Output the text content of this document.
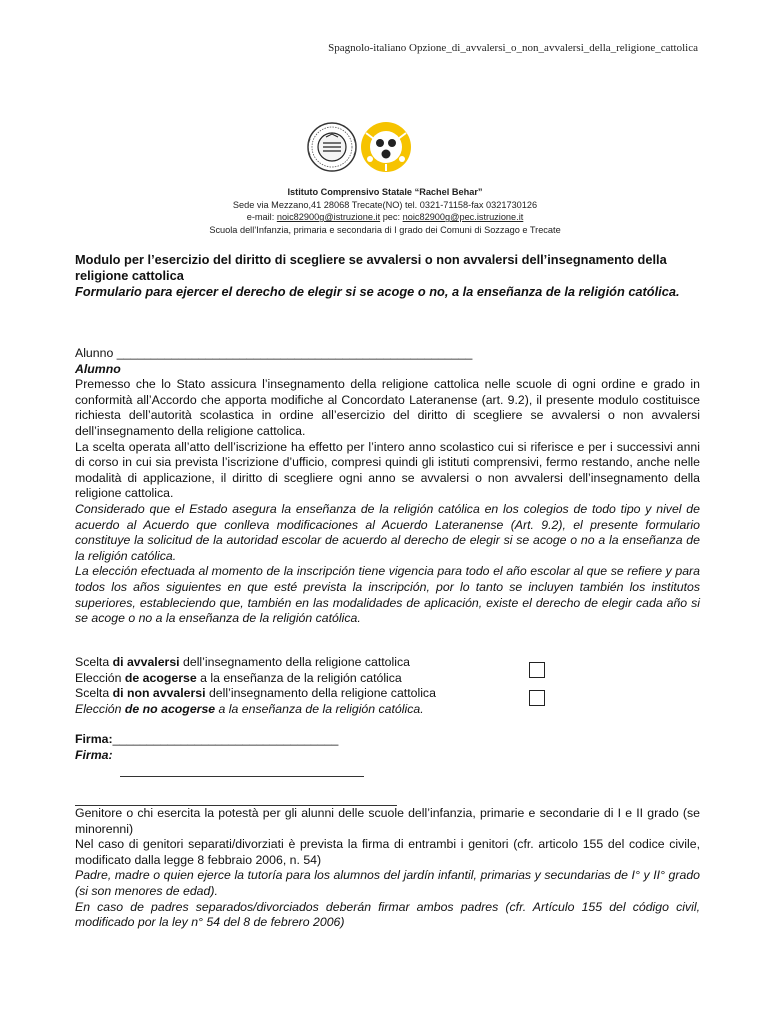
Spagnolo-italiano Opzione_di_avvalersi_o_non_avvalersi_della_religione_cattolica
Istituto Comprensivo Statale “Rachel Behar”
Sede via Mezzano,41 28068 Trecate(NO) tel. 0321-71158-fax 0321730126
e-mail: noic82900g@istruzione.it pec: noic82900g@pec.istruzione.it
Scuola dell’Infanzia, primaria e secondaria di I grado dei Comuni di Sozzago e Trecate
Modulo per l’esercizio del diritto di scegliere se avvalersi o non avvalersi dell’insegnamento della religione cattolica
Formulario para ejercer el derecho de elegir si se acoge o no, a la enseñanza de la religión católica.

Alunno ____________________________________________________

Alumno

Premesso che lo Stato assicura l’insegnamento della religione cattolica nelle scuole di ogni ordine e grado in conformità all’Accordo che apporta modifiche al Concordato Lateranense (art. 9.2), il presente modulo costituisce richiesta dell’autorità scolastica in ordine all’esercizio del diritto di scegliere se avvalersi o non avvalersi dell’insegnamento della religione cattolica.

La scelta operata all’atto dell’iscrizione ha effetto per l’intero anno scolastico cui si riferisce e per i successivi anni di corso in cui sia prevista l’iscrizione d’ufficio, compresi quindi gli istituti comprensivi, fermo restando, anche nelle modalità di applicazione, il diritto di scegliere ogni anno se avvalersi o non avvalersi dell’insegnamento della religione cattolica.

Considerado que el Estado asegura la enseñanza de la religión católica en los colegios de todo tipo y nivel de acuerdo al Acuerdo que conlleva modificaciones al Acuerdo Lateranense (Art. 9.2), el presente formulario constituye la solicitud de la autoridad escolar de acuerdo al derecho de elegir si se acoge o no a la enseñanza de la religión católica.

La elección efectuada al momento de la inscripción tiene vigencia para todo el año escolar al que se refiere y para todos los años siguientes en que esté prevista la inscripción, por lo tanto se incluyen también los institutos superiores, estableciendo que, también en las modalidades de aplicación, existe el derecho de elegir cada año si se acoge o no a la enseñanza de la religión católica.

Scelta di avvalersi dell’insegnamento della religione cattolica

Elección de acogerse a la enseñanza de la religión católica

Scelta di non avvalersi dell’insegnamento della religione cattolica

Elección de no acogerse a la enseñanza de la religión católica.

Firma:_________________________________
Firma:

Genitore o chi esercita la potestà per gli alunni delle scuole dell’infanzia, primarie e secondarie di I e II grado (se minorenni)

Nel caso di genitori separati/divorziati è prevista la firma di entrambi i genitori (cfr. articolo 155 del codice civile, modificato dalla legge 8 febbraio 2006, n. 54)

Padre, madre o quien ejerce la tutoría para los alumnos del jardín infantil, primarias y secundarias de I° y II° grado (si son menores de edad).

En caso de padres separados/divorciados deberán firmar ambos padres (cfr. Artículo 155 del código civil, modificado por la ley n° 54 del 8 de febrero 2006)
